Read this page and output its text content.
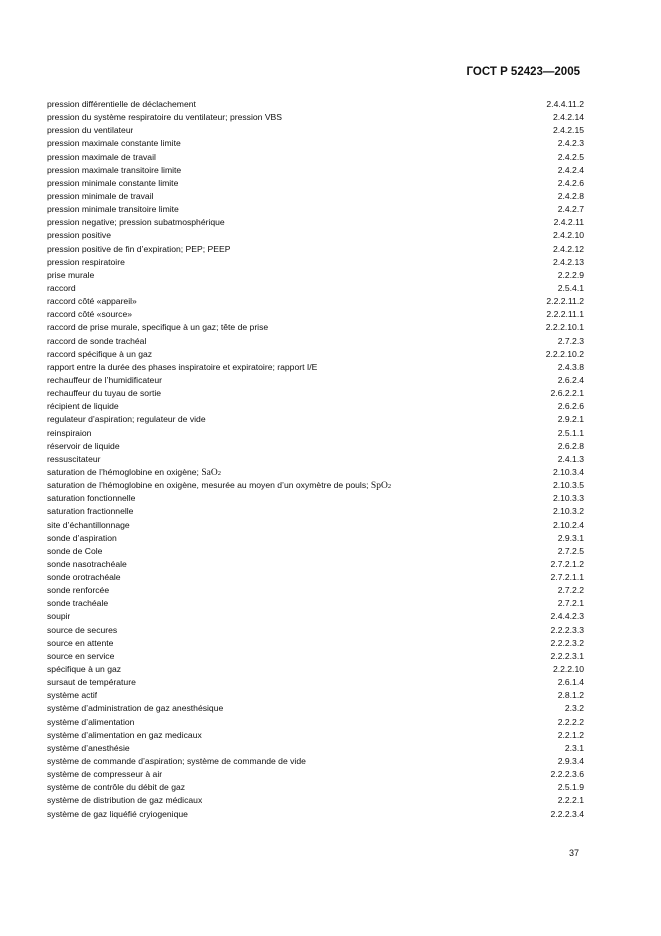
ГОСТ Р 52423—2005
pression différentielle de déclachement	2.4.4.11.2
pression du système respiratoire du ventilateur; pression VBS	2.4.2.14
pression du ventilateur	2.4.2.15
pression maximale constante limite	2.4.2.3
pression maximale de travail	2.4.2.5
pression maximale transitoire limite	2.4.2.4
pression minimale constante limite	2.4.2.6
pression minimale de travail	2.4.2.8
pression minimale transitoire limite	2.4.2.7
pression negative; pression subatmosphérique	2.4.2.11
pression positive	2.4.2.10
pression positive de fin d’expiration; PEP; PEEP	2.4.2.12
pression respiratoire	2.4.2.13
prise murale	2.2.2.9
raccord	2.5.4.1
raccord côté «appareil»	2.2.2.11.2
raccord côté «source»	2.2.2.11.1
raccord de prise murale, specifique à un gaz; tête de prise	2.2.2.10.1
raccord de sonde trachéal	2.7.2.3
raccord spécifique à un gaz	2.2.2.10.2
rapport entre la durée des phases inspiratoire et expiratoire; rapport I/E	2.4.3.8
rechauffeur de l’humidificateur	2.6.2.4
rechauffeur du tuyau de sortie	2.6.2.2.1
récipient de liquide	2.6.2.6
regulateur d’aspiration; regulateur de vide	2.9.2.1
reinspiraion	2.5.1.1
réservoir de liquide	2.6.2.8
ressuscitateur	2.4.1.3
saturation de l’hémoglobine en oxigène; SaO2	2.10.3.4
saturation de l’hémoglobine en oxigène, mesurée au moyen d’un oxymètre de pouls; SpO2	2.10.3.5
saturation fonctionnelle	2.10.3.3
saturation fractionnelle	2.10.3.2
site d’échantillonnage	2.10.2.4
sonde d’aspiration	2.9.3.1
sonde de Cole	2.7.2.5
sonde nasotrachéale	2.7.2.1.2
sonde orotrachéale	2.7.2.1.1
sonde renforcée	2.7.2.2
sonde trachéale	2.7.2.1
soupir	2.4.4.2.3
source de secures	2.2.2.3.3
source en attente	2.2.2.3.2
source en service	2.2.2.3.1
spécifique à un gaz	2.2.2.10
sursaut de température	2.6.1.4
système actif	2.8.1.2
système d’administration de gaz anesthésique	2.3.2
système d’alimentation	2.2.2.2
système d’alimentation en gaz medicaux	2.2.1.2
système d’anesthésie	2.3.1
système de commande d’aspiration; système de commande de vide	2.9.3.4
système de compresseur à air	2.2.2.3.6
système de contrôle du débit de gaz	2.5.1.9
système de distribution de gaz médicaux	2.2.2.1
système de gaz liquéfié cryiogenique	2.2.2.3.4
37
